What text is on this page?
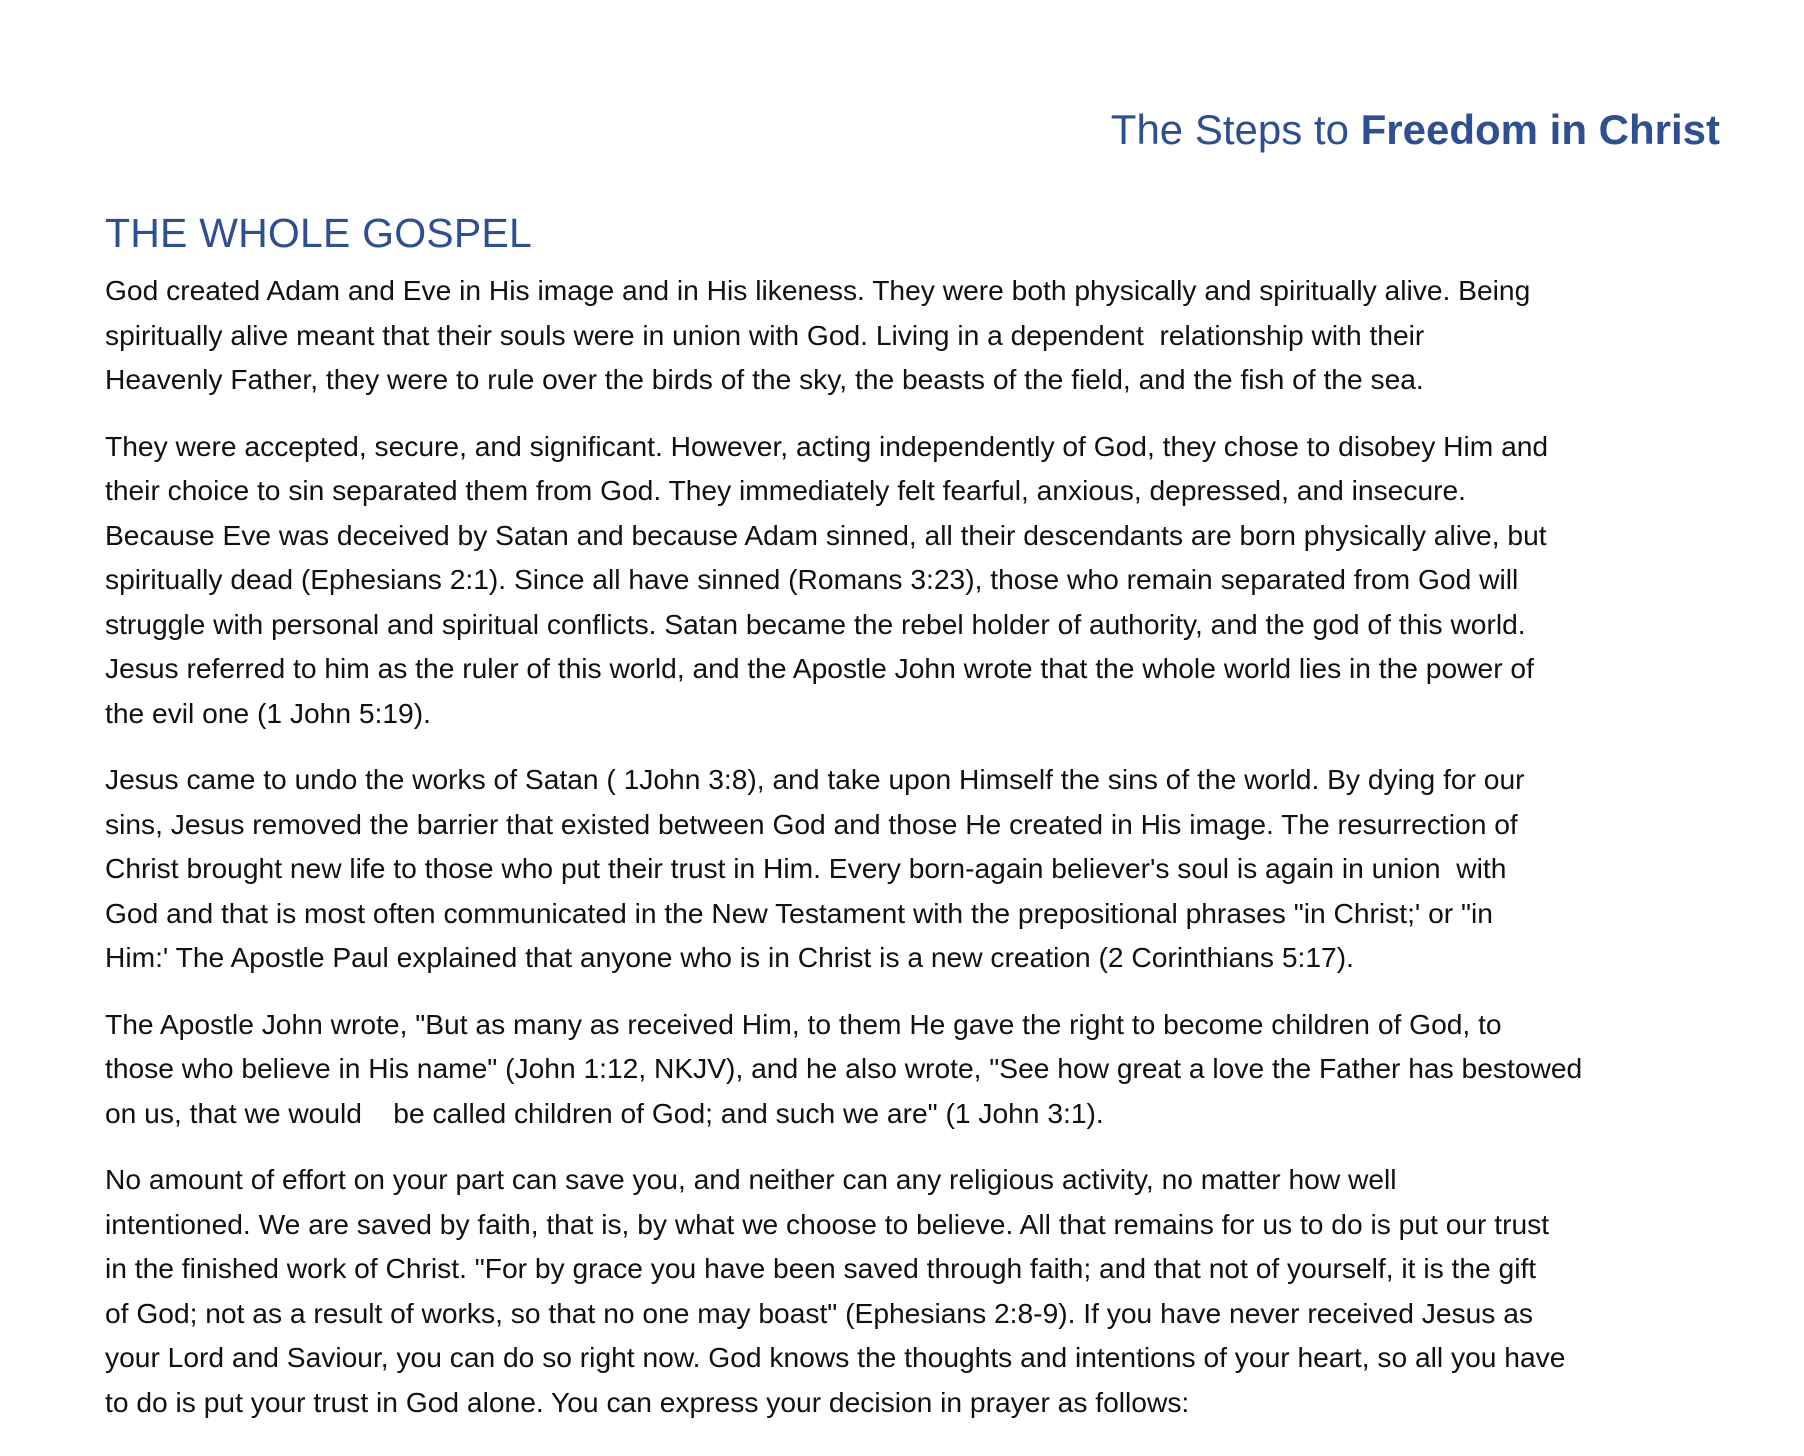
The Steps to Freedom in Christ
THE WHOLE GOSPEL

God created Adam and Eve in His image and in His likeness. They were both physically and spiritually alive. Being
spiritually alive meant that their souls were in union with God. Living in a dependent  relationship with their
Heavenly Father, they were to rule over the birds of the sky, the beasts of the field, and the fish of the sea.

They were accepted, secure, and significant. However, acting independently of God, they chose to disobey Him and
their choice to sin separated them from God. They immediately felt fearful, anxious, depressed, and insecure.
Because Eve was deceived by Satan and because Adam sinned, all their descendants are born physically alive, but
spiritually dead (Ephesians 2:1). Since all have sinned (Romans 3:23), those who remain separated from God will
struggle with personal and spiritual conflicts. Satan became the rebel holder of authority, and the god of this world.
Jesus referred to him as the ruler of this world, and the Apostle John wrote that the whole world lies in the power of
the evil one (1 John 5:19).

Jesus came to undo the works of Satan ( 1John 3:8), and take upon Himself the sins of the world. By dying for our
sins, Jesus removed the barrier that existed between God and those He created in His image. The resurrection of
Christ brought new life to those who put their trust in Him. Every born-again believer's soul is again in union  with
God and that is most often communicated in the New Testament with the prepositional phrases "in Christ;' or "in
Him:' The Apostle Paul explained that anyone who is in Christ is a new creation (2 Corinthians 5:17).

The Apostle John wrote, "But as many as received Him, to them He gave the right to become children of God, to
those who believe in His name" (John 1:12, NKJV), and he also wrote, "See how great a love the Father has bestowed
on us, that we would    be called children of God; and such we are" (1 John 3:1).

No amount of effort on your part can save you, and neither can any religious activity, no matter how well
intentioned. We are saved by faith, that is, by what we choose to believe. All that remains for us to do is put our trust
in the finished work of Christ. "For by grace you have been saved through faith; and that not of yourself, it is the gift
of God; not as a result of works, so that no one may boast" (Ephesians 2:8-9). If you have never received Jesus as
your Lord and Saviour, you can do so right now. God knows the thoughts and intentions of your heart, so all you have
to do is put your trust in God alone. You can express your decision in prayer as follows:
